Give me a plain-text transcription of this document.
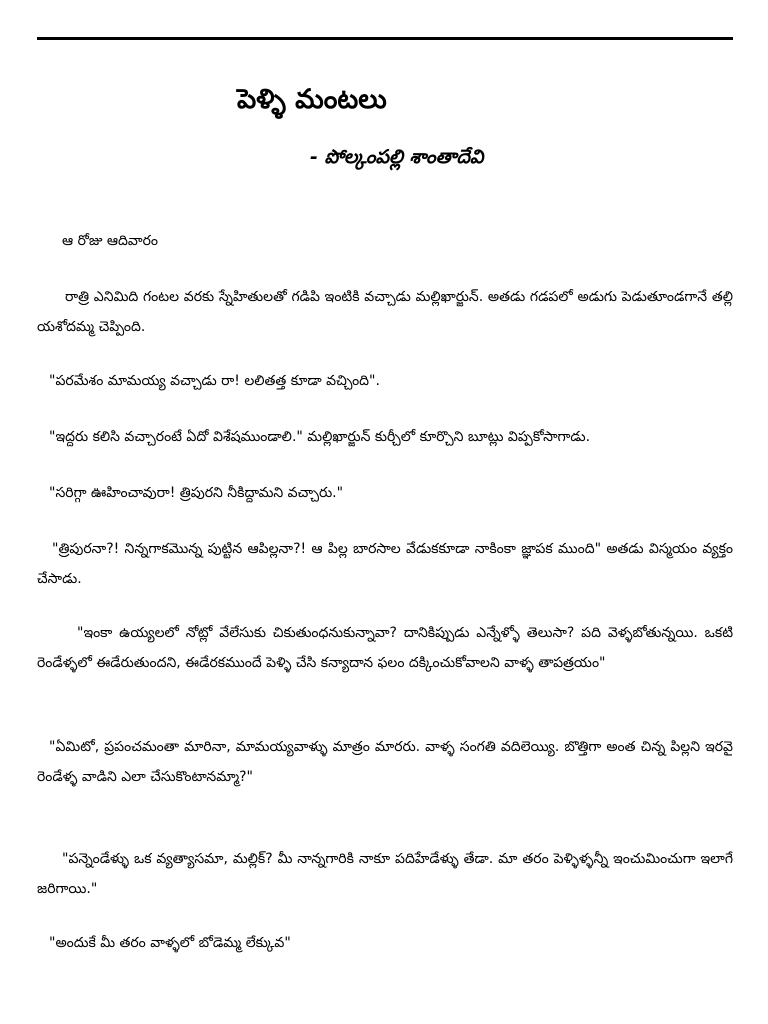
పెళ్ళి మంటలు
- పోల్కంపల్లి శాంతాదేవి
ఆ రోజు ఆదివారం
రాత్రి ఎనిమిది గంటల వరకు స్నేహితులతో గడిపి ఇంటికి వచ్చాడు మల్లిఖార్జున్. అతడు గడపలో అడుగు పెడుతూండగానే తల్లి యశోదమ్మ చెప్పింది.
"పరమేశం మామయ్య వచ్చాడు రా! లలితత్త కూడా వచ్చింది".
"ఇద్దరు కలిసి వచ్చారంటే ఏదో విశేషముండాలి." మల్లిఖార్జున్ కుర్చీలో కూర్చొని బూట్లు విప్పకోసాగాడు.
"సరిగ్గా ఊహించావురా! త్రిపురని నీకిద్దామని వచ్చారు."
"త్రిపురనా?! నిన్నగాకమొన్న పుట్టిన ఆపిల్లనా?! ఆ పిల్ల బారసాల వేడుకకూడా నాకింకా జ్ఞాపక ముంది" అతడు విస్మయం వ్యక్తం చేసాడు.
"ఇంకా ఉయ్యలలో నోట్లో వేలేసుకు చికుతుంధనుకున్నావా? దానికిప్పుడు ఎన్నేళ్ళో తెలుసా? పది వెళ్ళబోతున్నయి. ఒకటి రెండేళ్ళలో ఈడేరుతుందని, ఈడేరకముందే పెళ్ళి చేసి కన్యాదాన ఫలం దక్కించుకోవాలని వాళ్ళ తాపత్రయం"
"ఏమిటో, ప్రపంచమంతా మారినా, మామయ్యవాళ్ళు మాత్రం మారరు. వాళ్ళ సంగతి వదిలెయ్యి. బొత్తిగా అంత చిన్న పిల్లని ఇరవై రెండేళ్ళ వాడిని ఎలా చేసుకొంటానమ్మా?"
"పన్నెండేళ్ళు ఒక వ్యత్యాసమా, మల్లిక్? మీ నాన్నగారికి నాకూ పదిహేడేళ్ళు తేడా. మా తరం పెళ్ళిళ్ళన్నీ ఇంచుమించుగా ఇలాగే జరిగాయి."
"అందుకే మీ తరం వాళ్ళలో బోడెమ్మ లేక్కువ"
